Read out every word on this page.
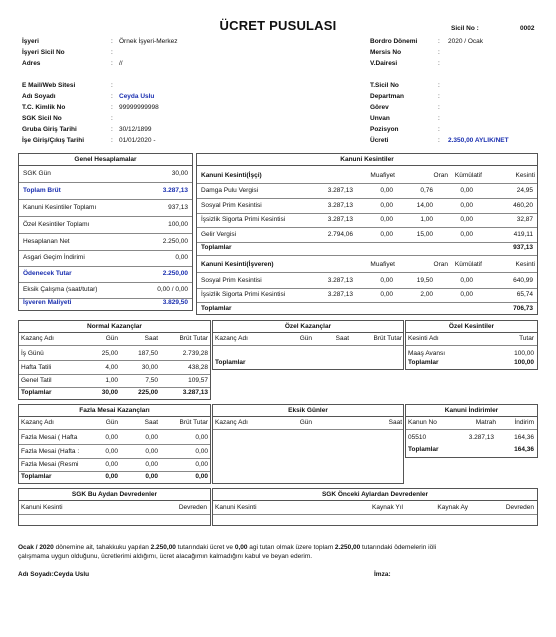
ÜCRET PUSULASI	Sicil No :	0002
İşyeri	: Örnek İşyeri-Merkez
İşyeri Sicil No	:
Adres	: //
E Mail/Web Sitesi	:
Adı Soyadı	: Ceyda Uslu
T.C. Kimlik No	: 99999999998
SGK Sicil No	:
Gruba Giriş Tarihi	: 30/12/1899
İşe Giriş/Çıkış Tarihi	: 01/01/2020 -
Bordro Dönemi	: 2020 / Ocak
Mersis No	:
V.Dairesi	:
T.Sicil No	:
Departman	:
Görev	:
Unvan	:
Pozisyon	:
Ücreti	: 2.350,00 AYLIK/NET
Genel Hesaplamalar
SGK Gün	30,00
Toplam Brüt	3.287,13
Kanuni Kesintiler Toplamı	937,13
Özel Kesintiler Toplamı	100,00
Hesaplanan Net	2.250,00
Asgari Geçim İndirimi	0,00
Ödenecek Tutar	2.250,00
Eksik Çalışma (saat/tutar)	0,00 / 0,00
İşveren Maliyeti	3.829,50
Kanuni Kesintiler
Kanuni Kesinti(İşçi)	Muafiyet	Oran	Kümülatif	Kesinti
Damga Pulu Vergisi	3.287,13	0,00	0,76	0,00	24,95
Sosyal Prim Kesintisi	3.287,13	0,00	14,00	0,00	460,20
İşsizlik Sigorta Primi Kesintisi	3.287,13	0,00	1,00	0,00	32,87
Gelir Vergisi	2.794,06	0,00	15,00	0,00	419,11
Toplamlar	937,13
Kanuni Kesinti(İşveren)	Muafiyet	Oran	Kümülatif	Kesinti
Sosyal Prim Kesintisi	3.287,13	0,00	19,50	0,00	640,99
İşsizlik Sigorta Primi Kesintisi	3.287,13	0,00	2,00	0,00	65,74
Toplamlar	706,73
Normal Kazançlar
Kazanç Adı	Gün	Saat	Brüt Tutar
İş Günü	25,00	187,50	2.739,28
Hafta Tatili	4,00	30,00	438,28
Genel Tatil	1,00	7,50	109,57
Toplamlar	30,00	225,00	3.287,13
Özel Kazançlar
Kazanç Adı	Gün	Saat	Brüt Tutar
Toplamlar
Özel Kesintiler
Kesinti Adı	Tutar
Maaş Avansı	100,00
Toplamlar	100,00
Fazla Mesai Kazançları
Kazanç Adı	Gün	Saat	Brüt Tutar
Fazla Mesai ( Hafta	0,00	0,00	0,00
Fazla Mesai (Hafta :	0,00	0,00	0,00
Fazla Mesai (Resmi	0,00	0,00	0,00
Toplamlar	0,00	0,00	0,00
Eksik Günler
Kazanç Adı	Gün	Saat
Kanuni İndirimler
Kanun No	Matrah	İndirim
05510	3.287,13	164,36
Toplamlar	164,36
SGK Bu Aydan Devredenler
Kanuni Kesinti	Devreden
SGK Önceki Aylardan Devredenler
Kanuni Kesinti	Kaynak Yıl	Kaynak Ay	Devreden
Ocak / 2020 dönemine ait, tahakkuku yapılan 2.250,00 tutarındaki ücret ve 0,00 agi tutarı olmak üzere toplam 2.250,00 tutarındaki ödemelerin iöli
çalışmama uygun olduğunu, ücretlerimi aldığımı, ücret alacağımın kalmadığını kabul ve beyan ederim.
Adı Soyadı:Ceyda Uslu	İmza:
